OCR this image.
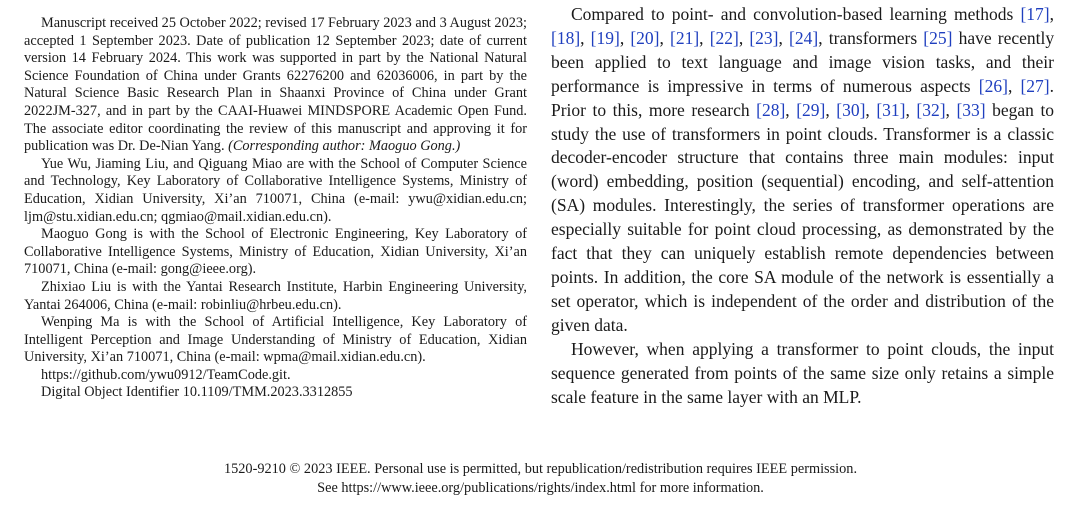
Manuscript received 25 October 2022; revised 17 February 2023 and 3 August 2023; accepted 1 September 2023. Date of publication 12 September 2023; date of current version 14 February 2024. This work was supported in part by the National Natural Science Foundation of China under Grants 62276200 and 62036006, in part by the Natural Science Basic Research Plan in Shaanxi Province of China under Grant 2022JM-327, and in part by the CAAI-Huawei MINDSPORE Academic Open Fund. The associate editor coordinating the review of this manuscript and approving it for publication was Dr. De-Nian Yang. (Corresponding author: Maoguo Gong.)

Yue Wu, Jiaming Liu, and Qiguang Miao are with the School of Computer Science and Technology, Key Laboratory of Collaborative Intelligence Systems, Ministry of Education, Xidian University, Xi’an 710071, China (e-mail: ywu@xidian.edu.cn; ljm@stu.xidian.edu.cn; qgmiao@mail.xidian.edu.cn).

Maoguo Gong is with the School of Electronic Engineering, Key Laboratory of Collaborative Intelligence Systems, Ministry of Education, Xidian University, Xi’an 710071, China (e-mail: gong@ieee.org).

Zhixiao Liu is with the Yantai Research Institute, Harbin Engineering University, Yantai 264006, China (e-mail: robinliu@hrbeu.edu.cn).

Wenping Ma is with the School of Artificial Intelligence, Key Laboratory of Intelligent Perception and Image Understanding of Ministry of Education, Xidian University, Xi’an 710071, China (e-mail: wpma@mail.xidian.edu.cn).

https://github.com/ywu0912/TeamCode.git.

Digital Object Identifier 10.1109/TMM.2023.3312855

Compared to point- and convolution-based learning methods [17], [18], [19], [20], [21], [22], [23], [24], transformers [25] have recently been applied to text language and image vision tasks, and their performance is impressive in terms of numerous aspects [26], [27]. Prior to this, more research [28], [29], [30], [31], [32], [33] began to study the use of transformers in point clouds. Transformer is a classic decoder-encoder structure that contains three main modules: input (word) embedding, position (sequential) encoding, and self-attention (SA) modules. Interestingly, the series of transformer operations are especially suitable for point cloud processing, as demonstrated by the fact that they can uniquely establish remote dependencies between points. In addition, the core SA module of the network is essentially a set operator, which is independent of the order and distribution of the given data.

However, when applying a transformer to point clouds, the input sequence generated from points of the same size only retains a simple scale feature in the same layer with an MLP.

1520-9210 © 2023 IEEE. Personal use is permitted, but republication/redistribution requires IEEE permission.
See https://www.ieee.org/publications/rights/index.html for more information.
